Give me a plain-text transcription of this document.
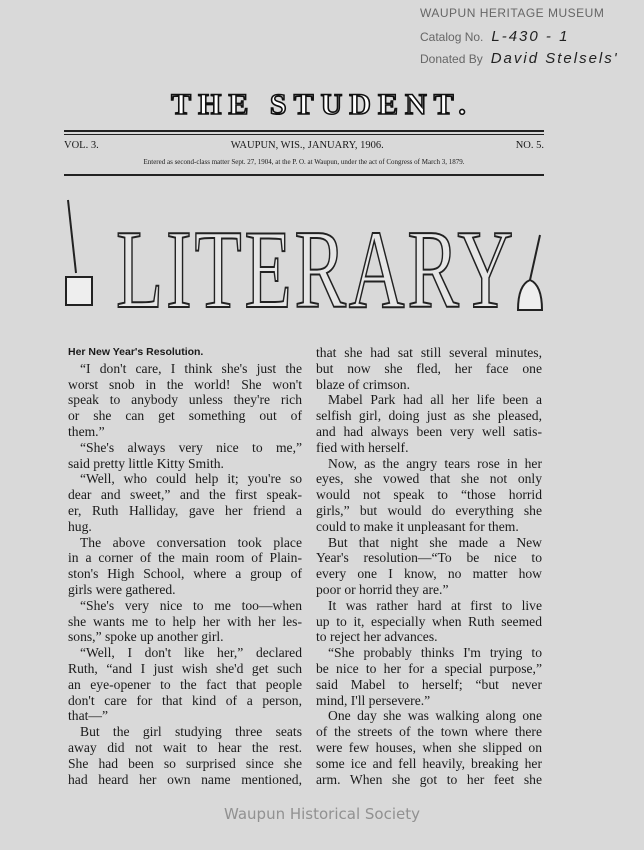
WAUPUN HERITAGE MUSEUM
Catalog No. L-430 - 1
Donated By David Stelsels'
THE STUDENT.
VOL. 3.	WAUPUN, WIS., JANUARY, 1906.	NO. 5.
Entered as second-class matter Sept. 27, 1904, at the P. O. at Waupun, under the act of Congress of March 3, 1879.
LITERARY
Her New Year's Resolution.
“I don't care, I think she's just the
worst snob in the world! She won't
speak to anybody unless they're rich
or she can get something out of
them.”
“She's always very nice to me,”
said pretty little Kitty Smith.
“Well, who could help it; you're so
dear and sweet,” and the first speak-
er, Ruth Halliday, gave her friend a
hug.
The above conversation took place
in a corner of the main room of Plain-
ston's High School, where a group of
girls were gathered.
“She's very nice to me too—when
she wants me to help her with her les-
sons,” spoke up another girl.
“Well, I don't like her,” declared
Ruth, “and I just wish she'd get such
an eye-opener to the fact that people
don't care for that kind of a person,
that—”
But the girl studying three seats
away did not wait to hear the rest.
She had been so surprised since she
had heard her own name mentioned,
that she had sat still several minutes,
but now she fled, her face one
blaze of crimson.
Mabel Park had all her life been a
selfish girl, doing just as she pleased,
and had always been very well satis-
fied with herself.
Now, as the angry tears rose in her
eyes, she vowed that she not only
would not speak to “those horrid
girls,” but would do everything she
could to make it unpleasant for them.
But that night she made a New
Year's resolution—“To be nice to
every one I know, no matter how
poor or horrid they are.”
It was rather hard at first to live
up to it, especially when Ruth seemed
to reject her advances.
“She probably thinks I'm trying to
be nice to her for a special purpose,”
said Mabel to herself; “but never
mind, I'll persevere.”
One day she was walking along one
of the streets of the town where there
were few houses, when she slipped on
some ice and fell heavily, breaking her
arm. When she got to her feet she
Waupun Historical Society
